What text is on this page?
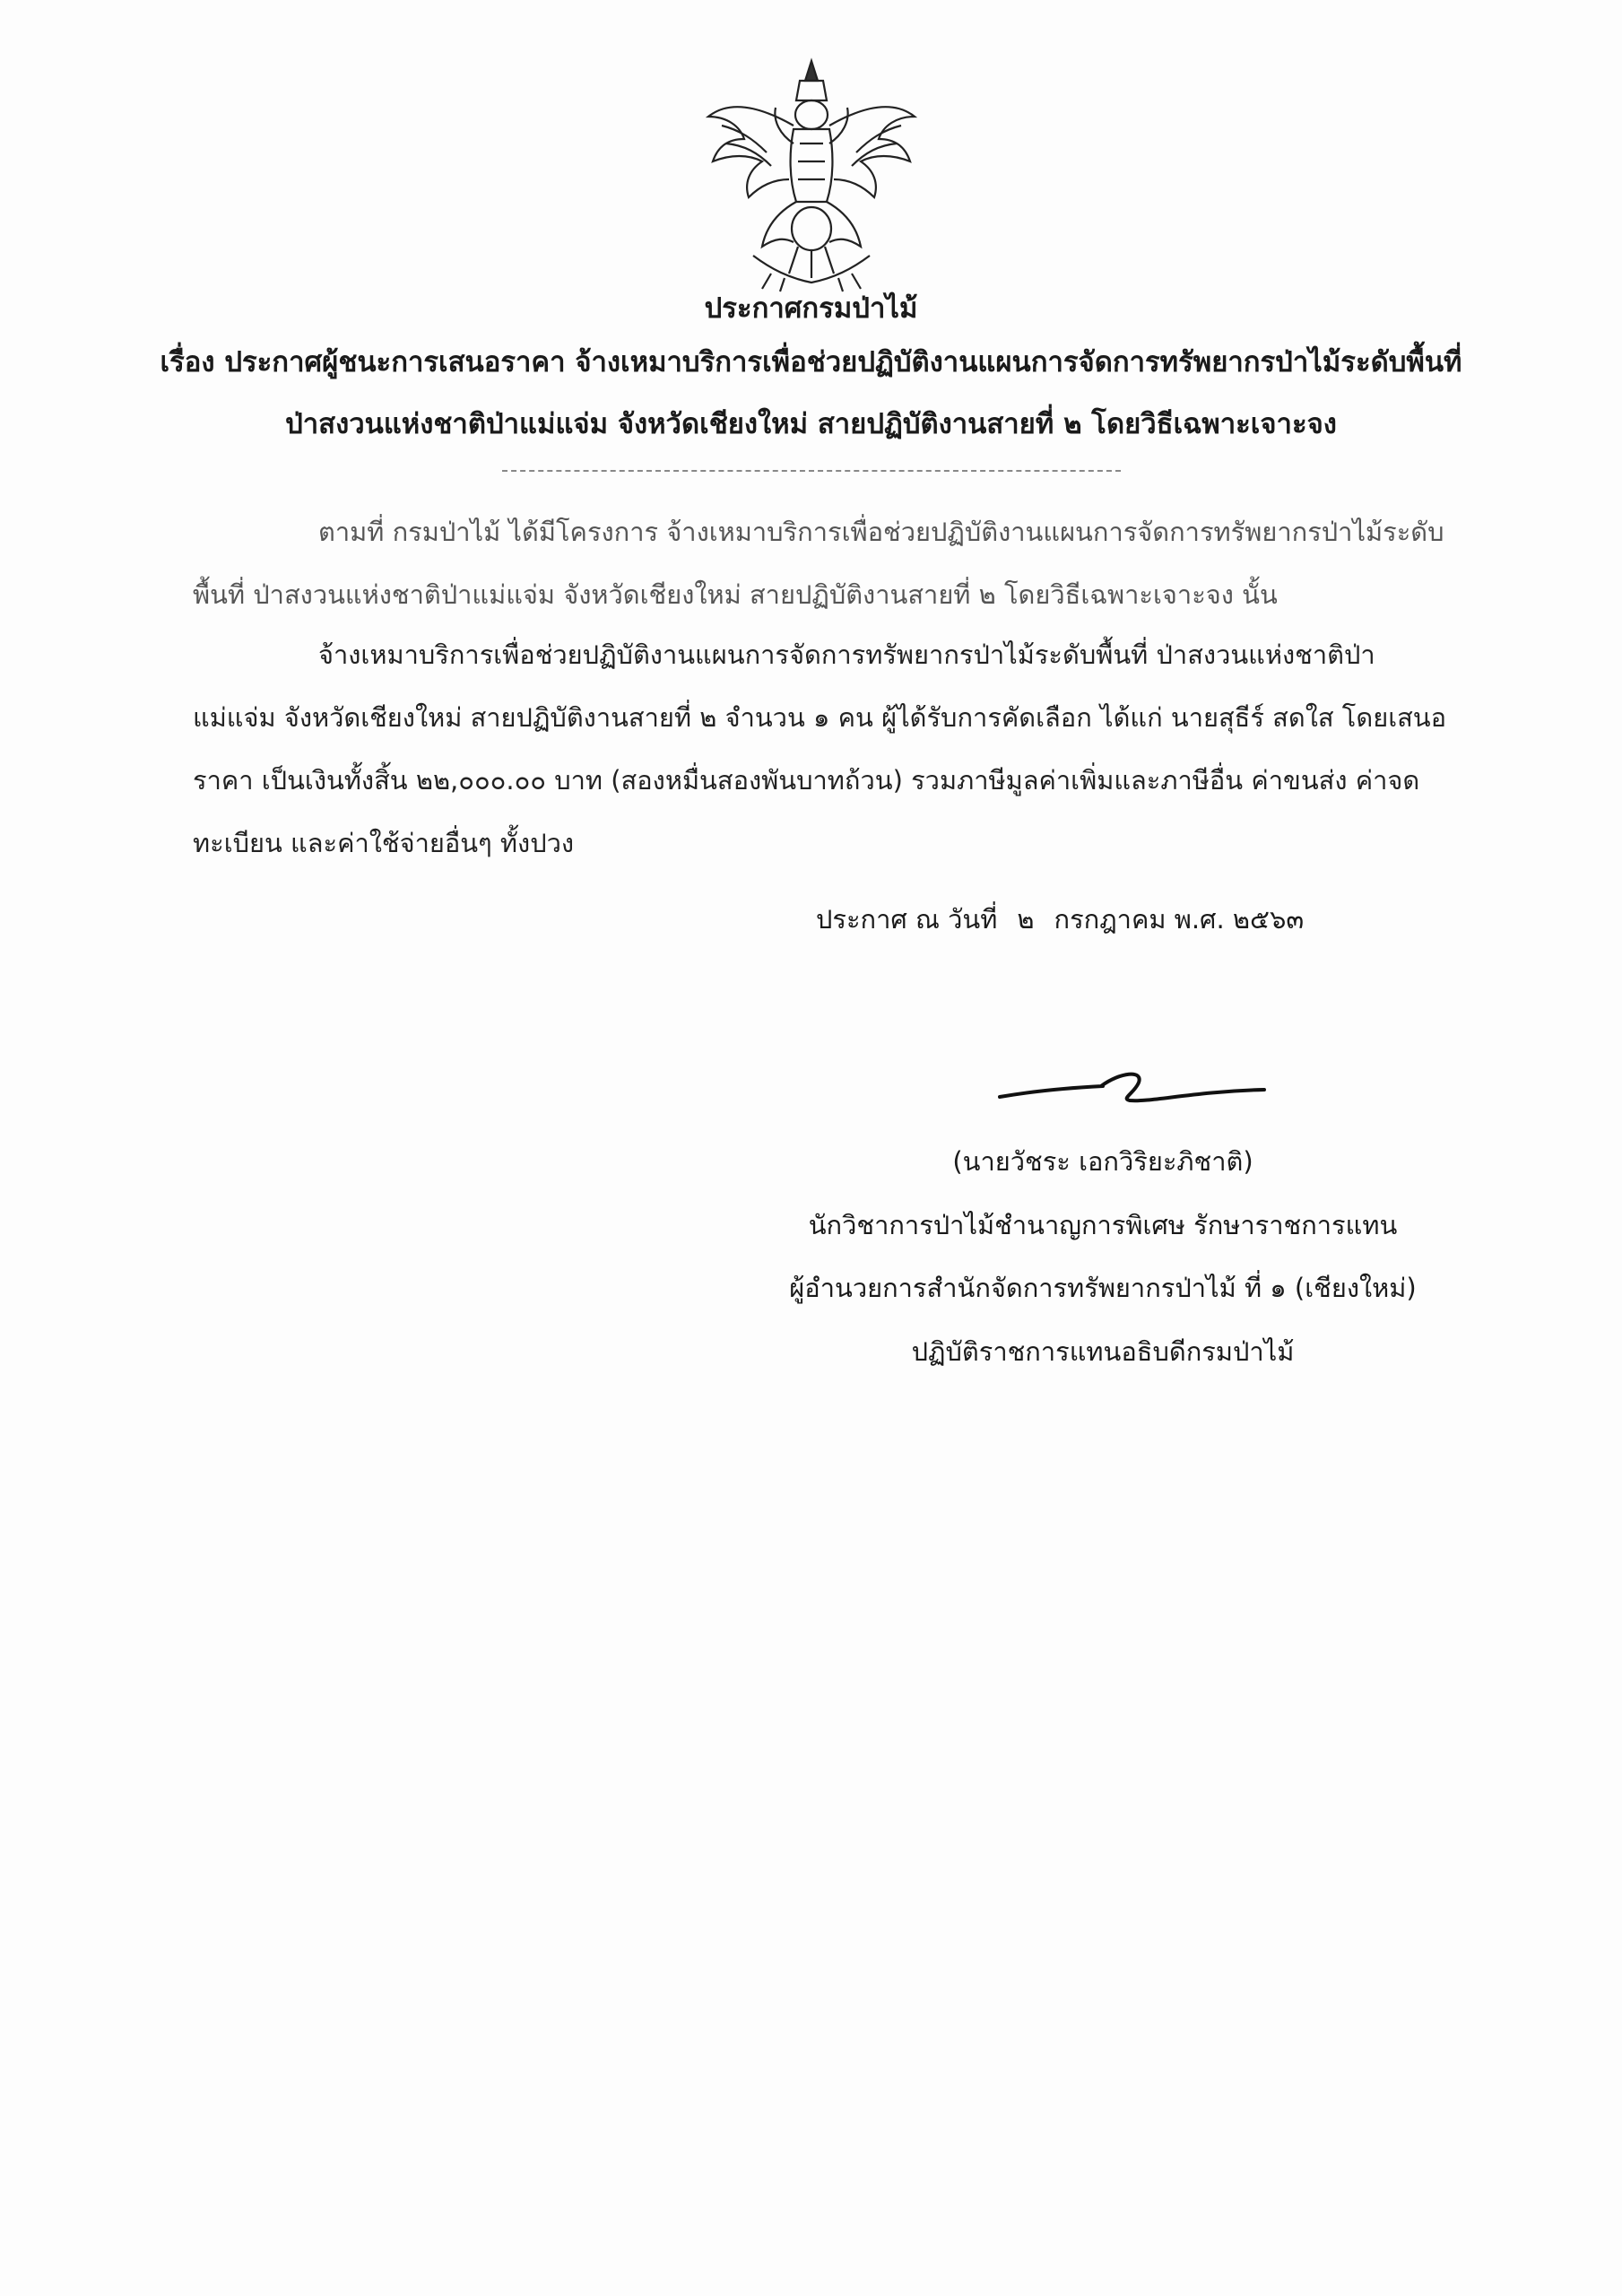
ประกาศกรมป่าไม้
เรื่อง ประกาศผู้ชนะการเสนอราคา จ้างเหมาบริการเพื่อช่วยปฏิบัติงานแผนการจัดการทรัพยากรป่าไม้ระดับพื้นที่
ป่าสงวนแห่งชาติป่าแม่แจ่ม จังหวัดเชียงใหม่ สายปฏิบัติงานสายที่ ๒ โดยวิธีเฉพาะเจาะจง
ตามที่ กรมป่าไม้ ได้มีโครงการ จ้างเหมาบริการเพื่อช่วยปฏิบัติงานแผนการจัดการทรัพยากรป่าไม้ระดับ
พื้นที่ ป่าสงวนแห่งชาติป่าแม่แจ่ม จังหวัดเชียงใหม่ สายปฏิบัติงานสายที่ ๒ โดยวิธีเฉพาะเจาะจง นั้น
จ้างเหมาบริการเพื่อช่วยปฏิบัติงานแผนการจัดการทรัพยากรป่าไม้ระดับพื้นที่ ป่าสงวนแห่งชาติป่า
แม่แจ่ม จังหวัดเชียงใหม่ สายปฏิบัติงานสายที่ ๒ จำนวน ๑ คน ผู้ได้รับการคัดเลือก ได้แก่ นายสุธีร์ สดใส โดยเสนอ
ราคา เป็นเงินทั้งสิ้น ๒๒,๐๐๐.๐๐ บาท (สองหมื่นสองพันบาทถ้วน) รวมภาษีมูลค่าเพิ่มและภาษีอื่น ค่าขนส่ง ค่าจด
ทะเบียน และค่าใช้จ่ายอื่นๆ ทั้งปวง
ประกาศ ณ วันที่ ๒ กรกฎาคม พ.ศ. ๒๕๖๓
(นายวัชระ เอกวิริยะภิชาติ)
นักวิชาการป่าไม้ชำนาญการพิเศษ รักษาราชการแทน
ผู้อำนวยการสำนักจัดการทรัพยากรป่าไม้ ที่ ๑ (เชียงใหม่)
ปฏิบัติราชการแทนอธิบดีกรมป่าไม้
